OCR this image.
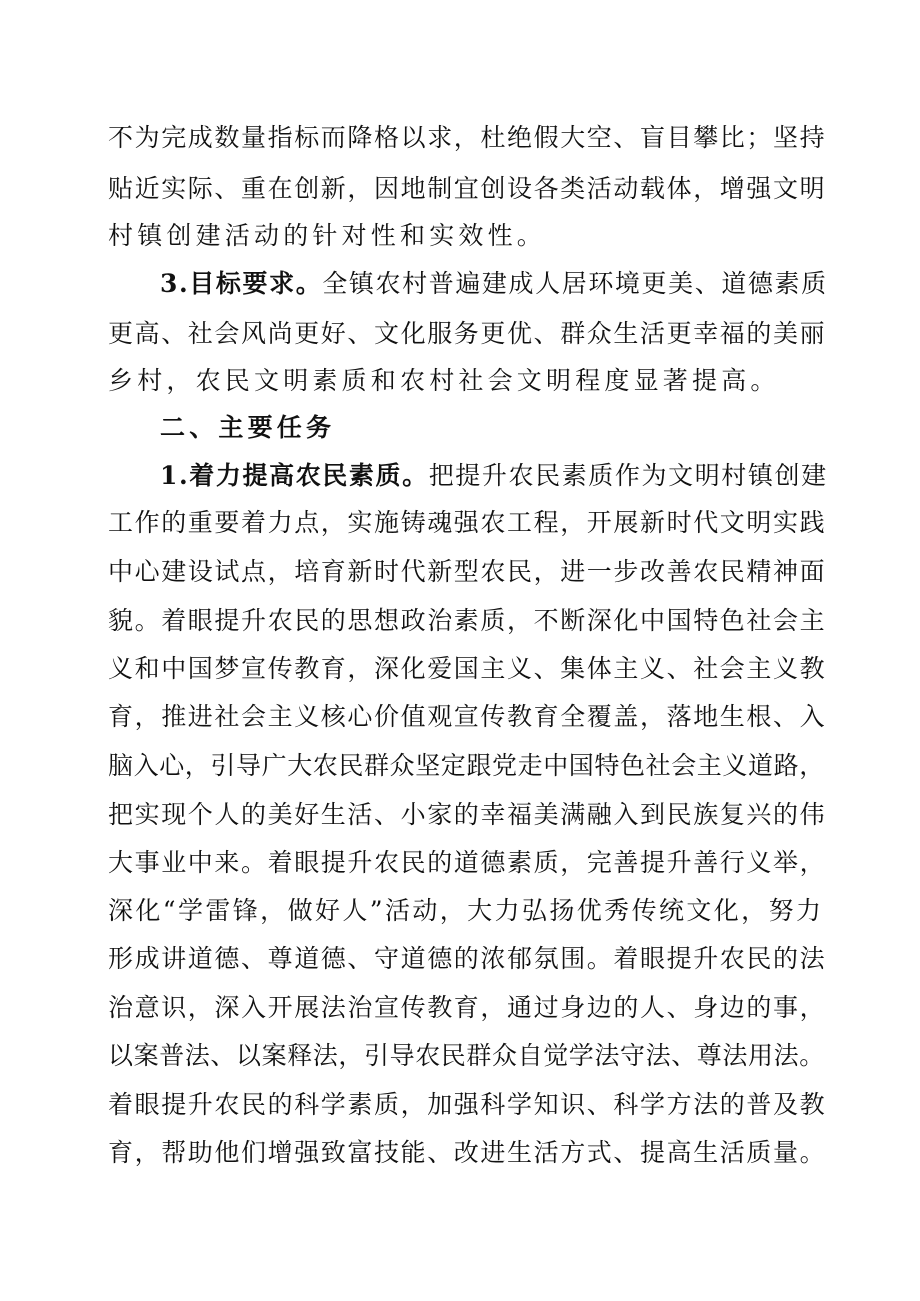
不为完成数量指标而降格以求，杜绝假大空、盲目攀比；坚持
贴近实际、重在创新，因地制宜创设各类活动载体，增强文明
村镇创建活动的针对性和实效性。
3.目标要求。全镇农村普遍建成人居环境更美、道德素质
更高、社会风尚更好、文化服务更优、群众生活更幸福的美丽
乡村，农民文明素质和农村社会文明程度显著提高。
二、主要任务
1.着力提高农民素质。把提升农民素质作为文明村镇创建
工作的重要着力点，实施铸魂强农工程，开展新时代文明实践
中心建设试点，培育新时代新型农民，进一步改善农民精神面
貌。着眼提升农民的思想政治素质，不断深化中国特色社会主
义和中国梦宣传教育，深化爱国主义、集体主义、社会主义教
育，推进社会主义核心价值观宣传教育全覆盖，落地生根、入
脑入心，引导广大农民群众坚定跟党走中国特色社会主义道路，
把实现个人的美好生活、小家的幸福美满融入到民族复兴的伟
大事业中来。着眼提升农民的道德素质，完善提升善行义举，
深化“学雷锋，做好人”活动，大力弘扬优秀传统文化，努力
形成讲道德、尊道德、守道德的浓郁氛围。着眼提升农民的法
治意识，深入开展法治宣传教育，通过身边的人、身边的事，
以案普法、以案释法，引导农民群众自觉学法守法、尊法用法。
着眼提升农民的科学素质，加强科学知识、科学方法的普及教
育，帮助他们增强致富技能、改进生活方式、提高生活质量。
